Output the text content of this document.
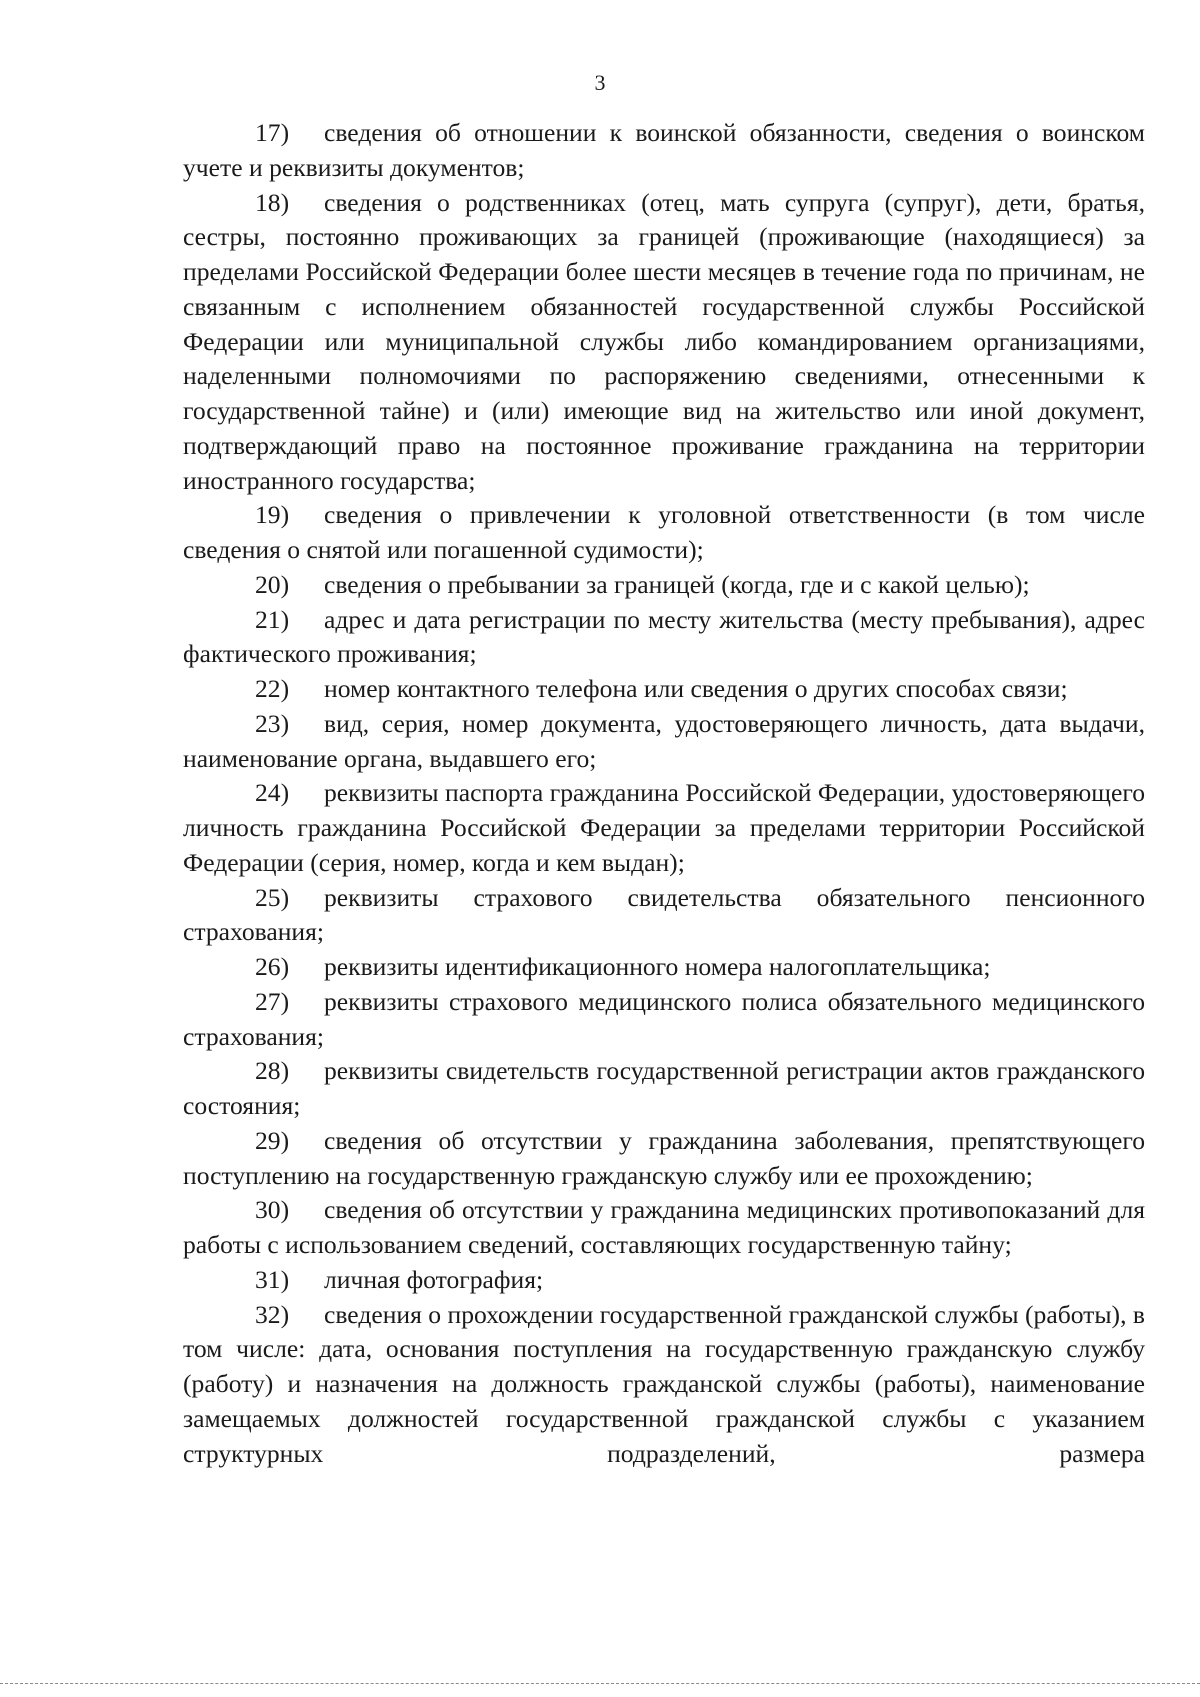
3

17) сведения об отношении к воинской обязанности, сведения о воинском учете и реквизиты документов;

18) сведения о родственниках (отец, мать супруга (супруг), дети, братья, сестры, постоянно проживающих за границей (проживающие (находящиеся) за пределами Российской Федерации более шести месяцев в течение года по причинам, не связанным с исполнением обязанностей государственной службы Российской Федерации или муниципальной службы либо командированием организациями, наделенными полномочиями по распоряжению сведениями, отнесенными к государственной тайне) и (или) имеющие вид на жительство или иной документ, подтверждающий право на постоянное проживание гражданина на территории иностранного государства;

19) сведения о привлечении к уголовной ответственности (в том числе сведения о снятой или погашенной судимости);

20) сведения о пребывании за границей (когда, где и с какой целью);

21) адрес и дата регистрации по месту жительства (месту пребывания), адрес фактического проживания;

22) номер контактного телефона или сведения о других способах связи;

23) вид, серия, номер документа, удостоверяющего личность, дата выдачи, наименование органа, выдавшего его;

24) реквизиты паспорта гражданина Российской Федерации, удостоверяющего личность гражданина Российской Федерации за пределами территории Российской Федерации (серия, номер, когда и кем выдан);

25) реквизиты страхового свидетельства обязательного пенсионного страхования;

26) реквизиты идентификационного номера налогоплательщика;

27) реквизиты страхового медицинского полиса обязательного медицинского страхования;

28) реквизиты свидетельств государственной регистрации актов гражданского состояния;

29) сведения об отсутствии у гражданина заболевания, препятствующего поступлению на государственную гражданскую службу или ее прохождению;

30) сведения об отсутствии у гражданина медицинских противопоказаний для работы с использованием сведений, составляющих государственную тайну;

31) личная фотография;

32) сведения о прохождении государственной гражданской службы (работы), в том числе: дата, основания поступления на государственную гражданскую службу (работу) и назначения на должность гражданской службы (работы), наименование замещаемых должностей государственной гражданской службы с указанием структурных подразделений, размера
